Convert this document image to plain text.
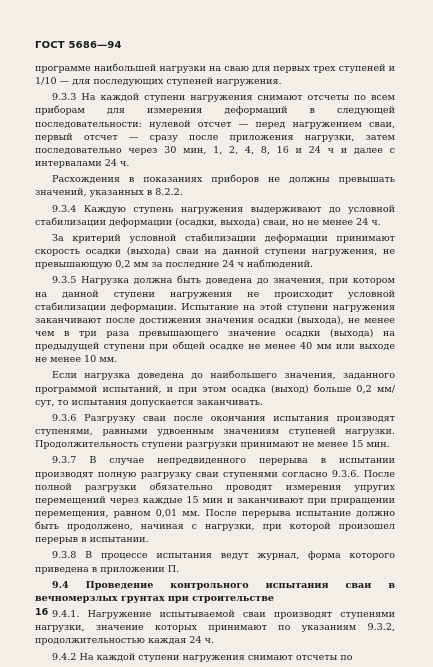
ГОСТ 5686—94

программе наибольшей нагрузки на сваю для первых трех ступеней и 1/10 — для последующих ступеней нагружения.

9.3.3 На каждой ступени нагружения снимают отсчеты по всем приборам для измерения деформаций в следующей последовательности: нулевой отсчет — перед нагружением сваи, первый отсчет — сразу после приложения нагрузки, затем последовательно через 30 мин, 1, 2, 4, 8, 16 и 24 ч и далее с интервалами 24 ч.

Расхождения в показаниях приборов не должны превышать значений, указанных в 8.2.2.

9.3.4 Каждую ступень нагружения выдерживают до условной стабилизации деформации (осадки, выхода) сваи, но не менее 24 ч.

За критерий условной стабилизации деформации принимают скорость осадки (выхода) сваи на данной ступени нагружения, не превышающую 0,2 мм за последние 24 ч наблюдений.

9.3.5 Нагрузка должна быть доведена до значения, при котором на данной ступени нагружения не происходит условной стабилизации деформации. Испытание на этой ступени нагружения заканчивают после достижения значения осадки (выхода), не менее чем в три раза превышающего значение осадки (выхода) на предыдущей ступени при общей осадке не менее 40 мм или выходе не менее 10 мм.

Если нагрузка доведена до наибольшего значения, заданного программой испытаний, и при этом осадка (выход) больше 0,2 мм/сут, то испытания допускается заканчивать.

9.3.6 Разгрузку сваи после окончания испытания производят ступенями, равными удвоенным значениям ступеней нагрузки. Продолжительность ступени разгрузки принимают не менее 15 мин.

9.3.7 В случае непредвиденного перерыва в испытании производят полную разгрузку сваи ступенями согласно 9.3.6. После полной разгрузки обязательно проводят измерения упругих перемещений через каждые 15 мин и заканчивают при приращении перемещения, равном 0,01 мм. После перерыва испытание должно быть продолжено, начиная с нагрузки, при которой произошел перерыв в испытании.

9.3.8 В процессе испытания ведут журнал, форма которого приведена в приложении П.

9.4 Проведение контрольного испытания сваи в вечномерзлых грунтах при строительстве

9.4.1. Нагружение испытываемой сваи производят ступенями нагрузки, значение которых принимают по указаниям 9.3.2, продолжительностью каждая 24 ч.

9.4.2 На каждой ступени нагружения снимают отсчеты по

16
